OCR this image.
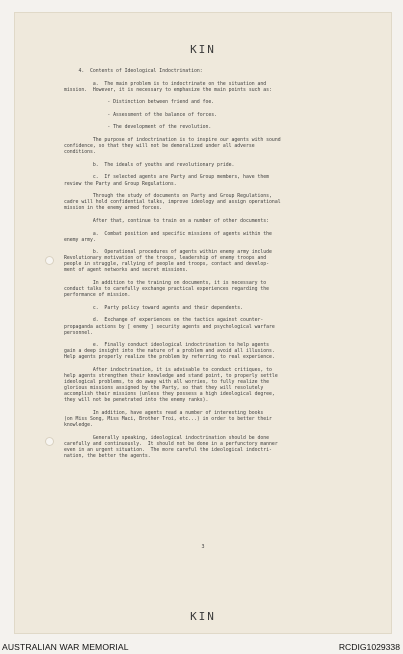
KIN
4.  Contents of Ideological Indoctrination:
a.  The main problem is to indoctrinate on the situation and
mission.  However, it is necessary to emphasize the main points such as:
- Distinction between friend and foe.
- Assessment of the balance of forces.
- The development of the revolution.
The purpose of indoctrination is to inspire our agents with sound
confidence, so that they will not be demoralized under all adverse
conditions.
b.  The ideals of youths and revolutionary pride.
c.  If selected agents are Party and Group members, have them
review the Party and Group Regulations.
Through the study of documents on Party and Group Regulations,
cadre will hold confidential talks, improve ideology and assign operational
mission in the enemy armed forces.
After that, continue to train on a number of other documents:
a.  Combat position and specific missions of agents within the
enemy army.
b.  Operational procedures of agents within enemy army include
Revolutionary motivation of the troops, leadership of enemy troops and
people in struggle, rallying of people and troops, contact and develop-
ment of agent networks and secret missions.
In addition to the training on documents, it is necessary to
conduct talks to carefully exchange practical experiences regarding the
performance of mission.
c.  Party policy toward agents and their dependents.
d.  Exchange of experiences on the tactics against counter-
propaganda actions by [ enemy ] security agents and psychological warfare
personnel.
e.  Finally conduct ideological indoctrination to help agents
gain a deep insight into the nature of a problem and avoid all illusions.
Help agents properly realize the problem by referring to real experience.
After indoctrination, it is advisable to conduct critiques, to
help agents strengthen their knowledge and stand point, to properly settle
ideological problems, to do away with all worries, to fully realize the
glorious missions assigned by the Party, so that they will resolutely
accomplish their missions (unless they possess a high ideological degree,
they will not be penetrated into the enemy ranks).
In addition, have agents read a number of interesting books
(on Miss Song, Miss Maci, Brother Troi, etc...) in order to better their
knowledge.
Generally speaking, ideological indoctrination should be done
carefully and continuously.  It should not be done in a perfunctory manner
even in an urgent situation.  The more careful the ideological indoctri-
nation, the better the agents.
3
KIN
AUSTRALIAN WAR MEMORIAL	RCDIG1029338
